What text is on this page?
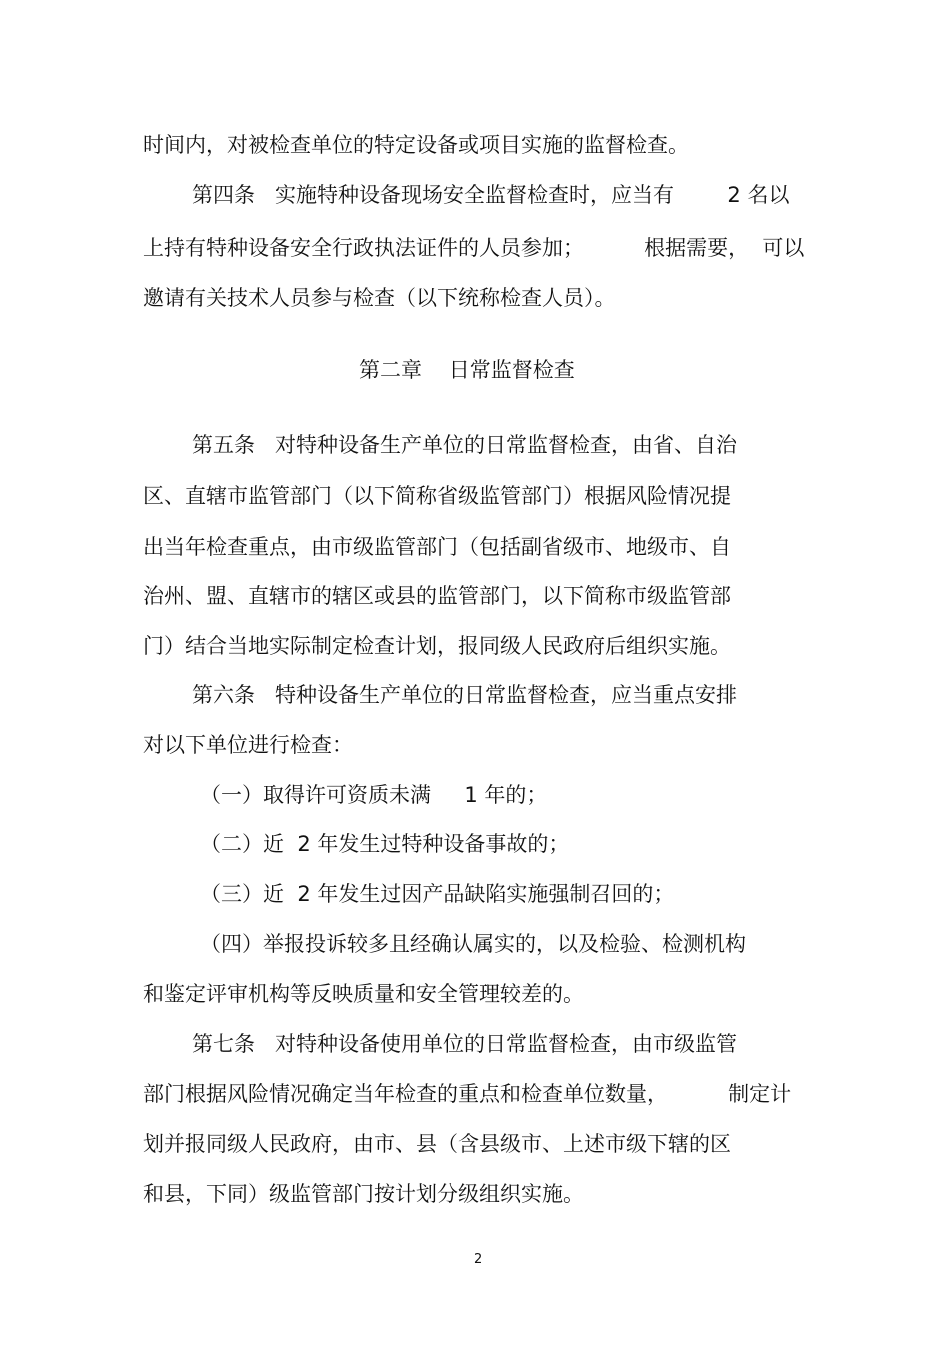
时间内，对被检查单位的特定设备或项目实施的监督检查。
第四条   实施特种设备现场安全监督检查时，应当有        2 名以
上持有特种设备安全行政执法证件的人员参加；         根据需要，  可以
邀请有关技术人员参与检查（以下统称检查人员）。
第二章    日常监督检查
第五条   对特种设备生产单位的日常监督检查，由省、自治
区、直辖市监管部门（以下简称省级监管部门）根据风险情况提
出当年检查重点，由市级监管部门（包括副省级市、地级市、自
治州、盟、直辖市的辖区或县的监管部门，以下简称市级监管部
门）结合当地实际制定检查计划，报同级人民政府后组织实施。
第六条   特种设备生产单位的日常监督检查，应当重点安排
对以下单位进行检查：
（一）取得许可资质未满     1 年的；
（二）近  2 年发生过特种设备事故的；
（三）近  2 年发生过因产品缺陷实施强制召回的；
（四）举报投诉较多且经确认属实的，以及检验、检测机构
和鉴定评审机构等反映质量和安全管理较差的。
第七条   对特种设备使用单位的日常监督检查，由市级监管
部门根据风险情况确定当年检查的重点和检查单位数量，         制定计
划并报同级人民政府，由市、县（含县级市、上述市级下辖的区
和县，下同）级监管部门按计划分级组织实施。
2
